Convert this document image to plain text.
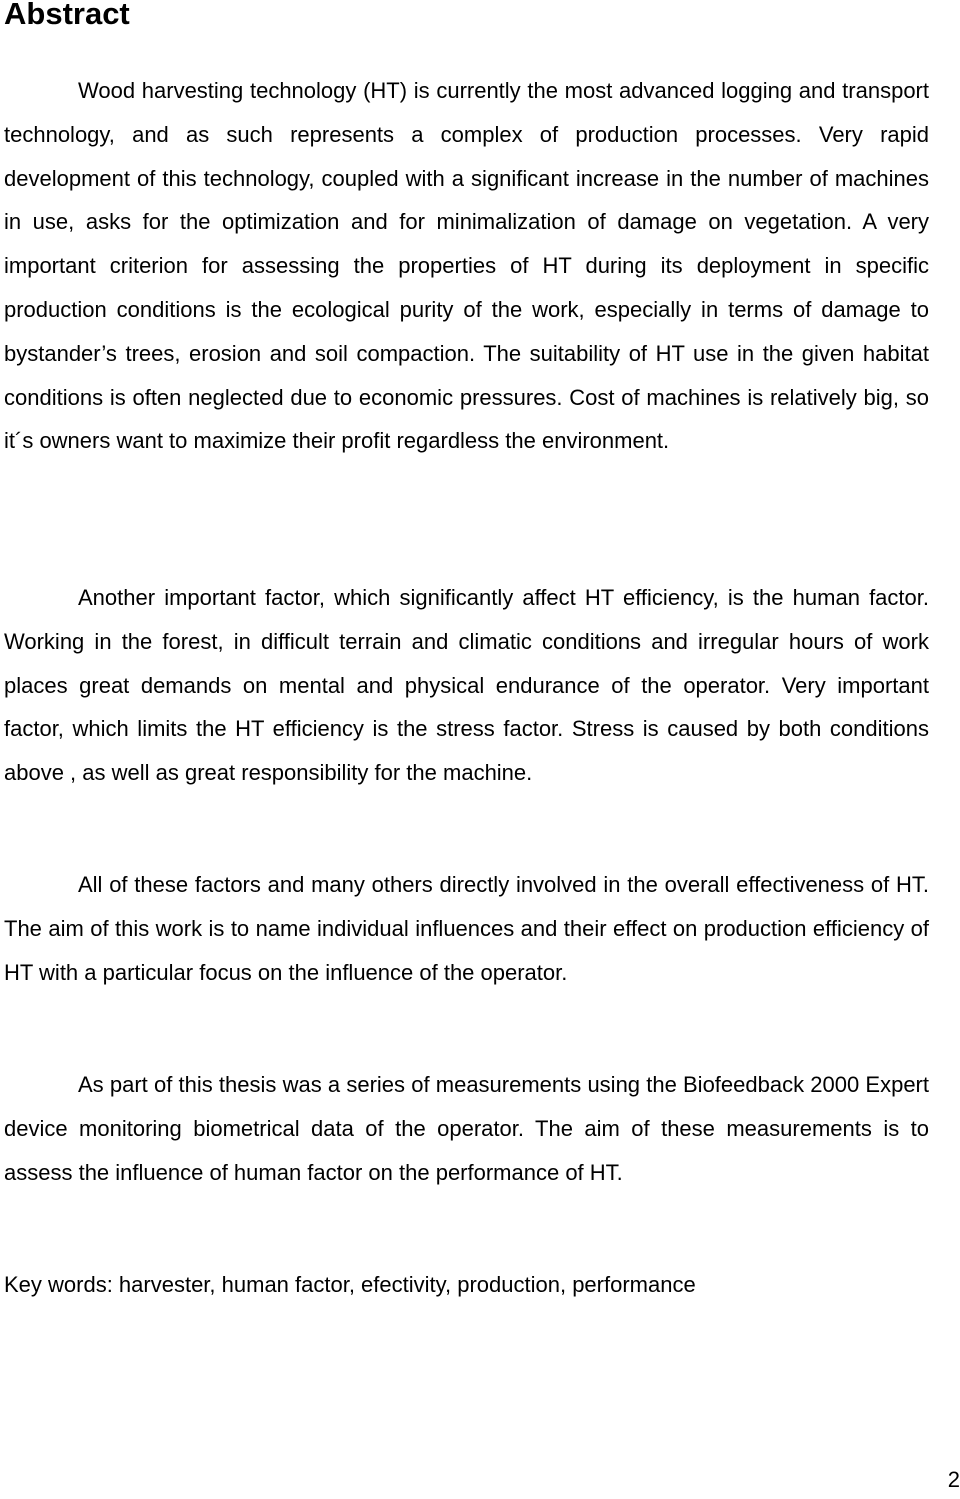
Abstract

Wood harvesting technology (HT) is currently the most advanced logging and transport technology, and as such represents a complex of production processes. Very rapid development of this technology, coupled with a significant increase in the number of machines in use, asks for the optimization and for minimalization of damage on vegetation. A very important criterion for assessing the properties of HT during its deployment in specific production conditions is the ecological purity of the work, especially in terms of damage to bystander’s trees, erosion and soil compaction. The suitability of HT use in the given habitat conditions is often neglected due to economic pressures. Cost of machines is relatively big, so it´s owners want to maximize their profit regardless the environment.

Another important factor, which significantly affect HT efficiency, is the human factor. Working in the forest, in difficult terrain and climatic conditions and irregular hours of work places great demands on mental and physical endurance of the operator. Very important factor, which limits the HT efficiency is the stress factor. Stress is caused by both conditions above , as well as great responsibility for the machine.

All of these factors and many others directly involved in the overall effectiveness of HT. The aim of this work is to name individual influences and their effect on production efficiency of HT with a particular focus on the influence of the operator.

As part of this thesis was a series of measurements using the Biofeedback 2000 Expert device monitoring biometrical data of the operator. The aim of these measurements is to assess the influence of human factor on the performance of HT.

Key words: harvester, human factor, efectivity, production, performance

2
